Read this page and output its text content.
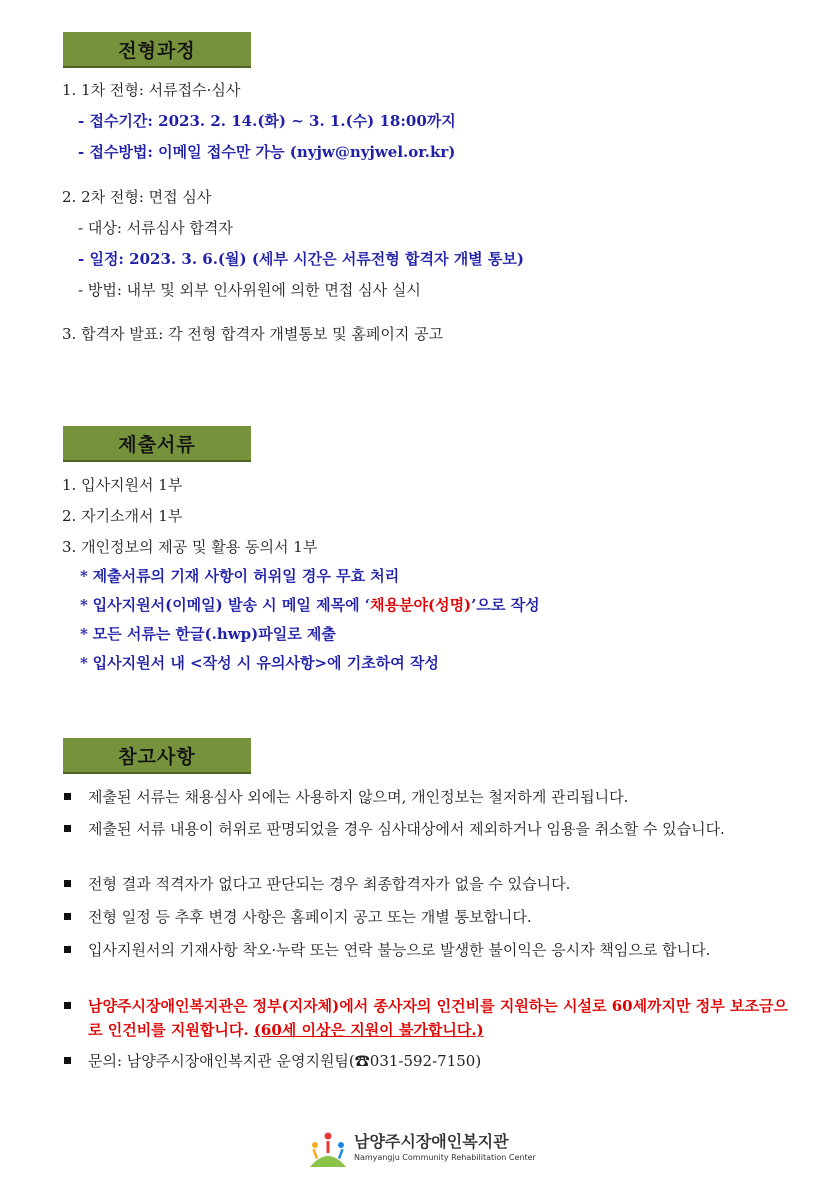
전형과정
1. 1차 전형: 서류접수·심사
- 접수기간: 2023. 2. 14.(화) ~ 3. 1.(수) 18:00까지
- 접수방법: 이메일 접수만 가능 (nyjw@nyjwel.or.kr)
2. 2차 전형: 면접 심사
- 대상: 서류심사 합격자
- 일정: 2023. 3. 6.(월) (세부 시간은 서류전형 합격자 개별 통보)
- 방법: 내부 및 외부 인사위원에 의한 면접 심사 실시
3. 합격자 발표: 각 전형 합격자 개별통보 및 홈페이지 공고
제출서류
1. 입사지원서 1부
2. 자기소개서 1부
3. 개인정보의 제공 및 활용 동의서 1부
* 제출서류의 기재 사항이 허위일 경우 무효 처리
* 입사지원서(이메일) 발송 시 메일 제목에 ‘채용분야(성명)’으로 작성
* 모든 서류는 한글(.hwp)파일로 제출
* 입사지원서 내 <작성 시 유의사항>에 기초하여 작성
참고사항
제출된 서류는 채용심사 외에는 사용하지 않으며, 개인정보는 철저하게 관리됩니다.
제출된 서류 내용이 허위로 판명되었을 경우 심사대상에서 제외하거나 임용을 취소할 수 있습니다.
전형 결과 적격자가 없다고 판단되는 경우 최종합격자가 없을 수 있습니다.
전형 일정 등 추후 변경 사항은 홈페이지 공고 또는 개별 통보합니다.
입사지원서의 기재사항 착오·누락 또는 연락 불능으로 발생한 불이익은 응시자 책임으로 합니다.
남양주시장애인복지관은 정부(지자체)에서 종사자의 인건비를 지원하는 시설로 60세까지만 정부 보조금으로 인건비를 지원합니다. (60세 이상은 지원이 불가합니다.)
문의: 남양주시장애인복지관 운영지원팀(☎031-592-7150)
남양주시장애인복지관
Namyangju Community Rehabilitation Center
